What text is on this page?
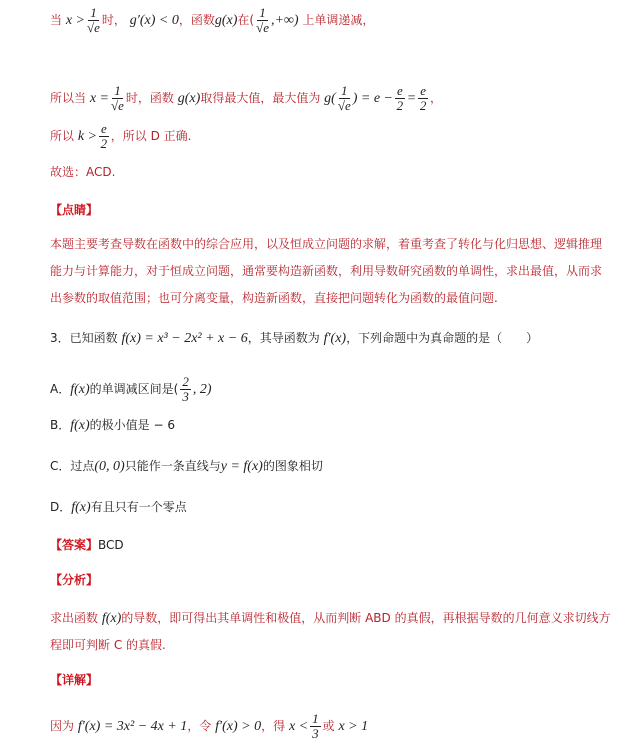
当 $x > \frac{1}{√e}$ 时， g′(x) < 0，函数g(x)在( $\frac{1}{√e}$ ,+∞) 上单调递减，
所以当 $x = \frac{1}{√e}$ 时，函数 g(x)取得最大值，最大值为 $g( \frac{1}{√e}$ ) = $e - \frac{e}{2} = \frac{e}{2}$ ，
所以 $k > \frac{e}{2}$ ，所以 D 正确.
故选：ACD.
【点睛】
本题主要考查导数在函数中的综合应用，以及恒成立问题的求解，着重考查了转化与化归思想、逻辑推理
能力与计算能力，对于恒成立问题，通常要构造新函数，利用导数研究函数的单调性，求出最值，从而求
出参数的取值范围；也可分离变量，构造新函数，直接把问题转化为函数的最值问题.
3．已知函数 f(x) = x³ − 2x² + x − 6，其导函数为 f′(x)，下列命题中为真命题的是（　　）
A．f(x)的单调减区间是( $\frac{2}{3}$ , 2)
B．f(x)的极小值是 − 6
C．过点(0, 0)只能作一条直线与y = f(x)的图象相切
D．f(x)有且只有一个零点
【答案】BCD
【分析】
求出函数 f(x)的导数，即可得出其单调性和极值，从而判断 ABD 的真假，再根据导数的几何意义求切线方
程即可判断 C 的真假.
【详解】
因为 f′(x) = 3x² − 4x + 1，令 f′(x) > 0，得 $x < \frac{1}{3}$ 或 x > 1
